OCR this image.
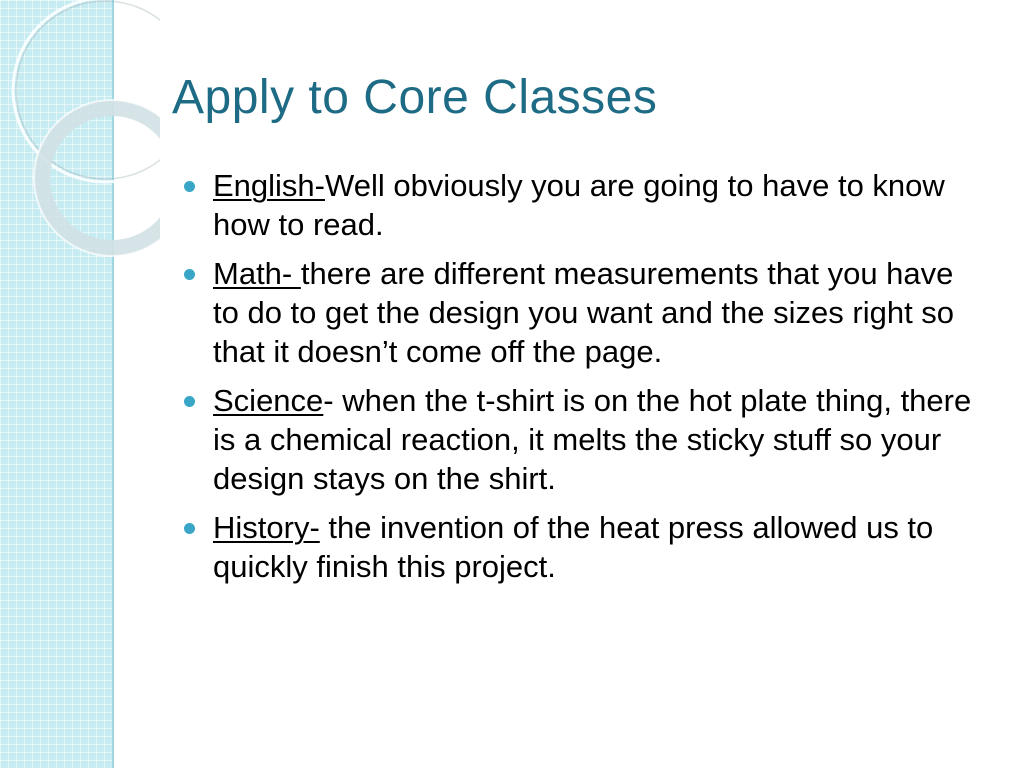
Apply to Core Classes
English-Well obviously you are going to have to know how to read.
Math- there are different measurements that you have to do to get the design you want and the sizes right so that it doesn’t come off the page.
Science- when the t-shirt is on the hot plate thing, there is a chemical reaction, it melts the sticky stuff so your design stays on the shirt.
History- the invention of the heat press allowed us to quickly finish this project.
